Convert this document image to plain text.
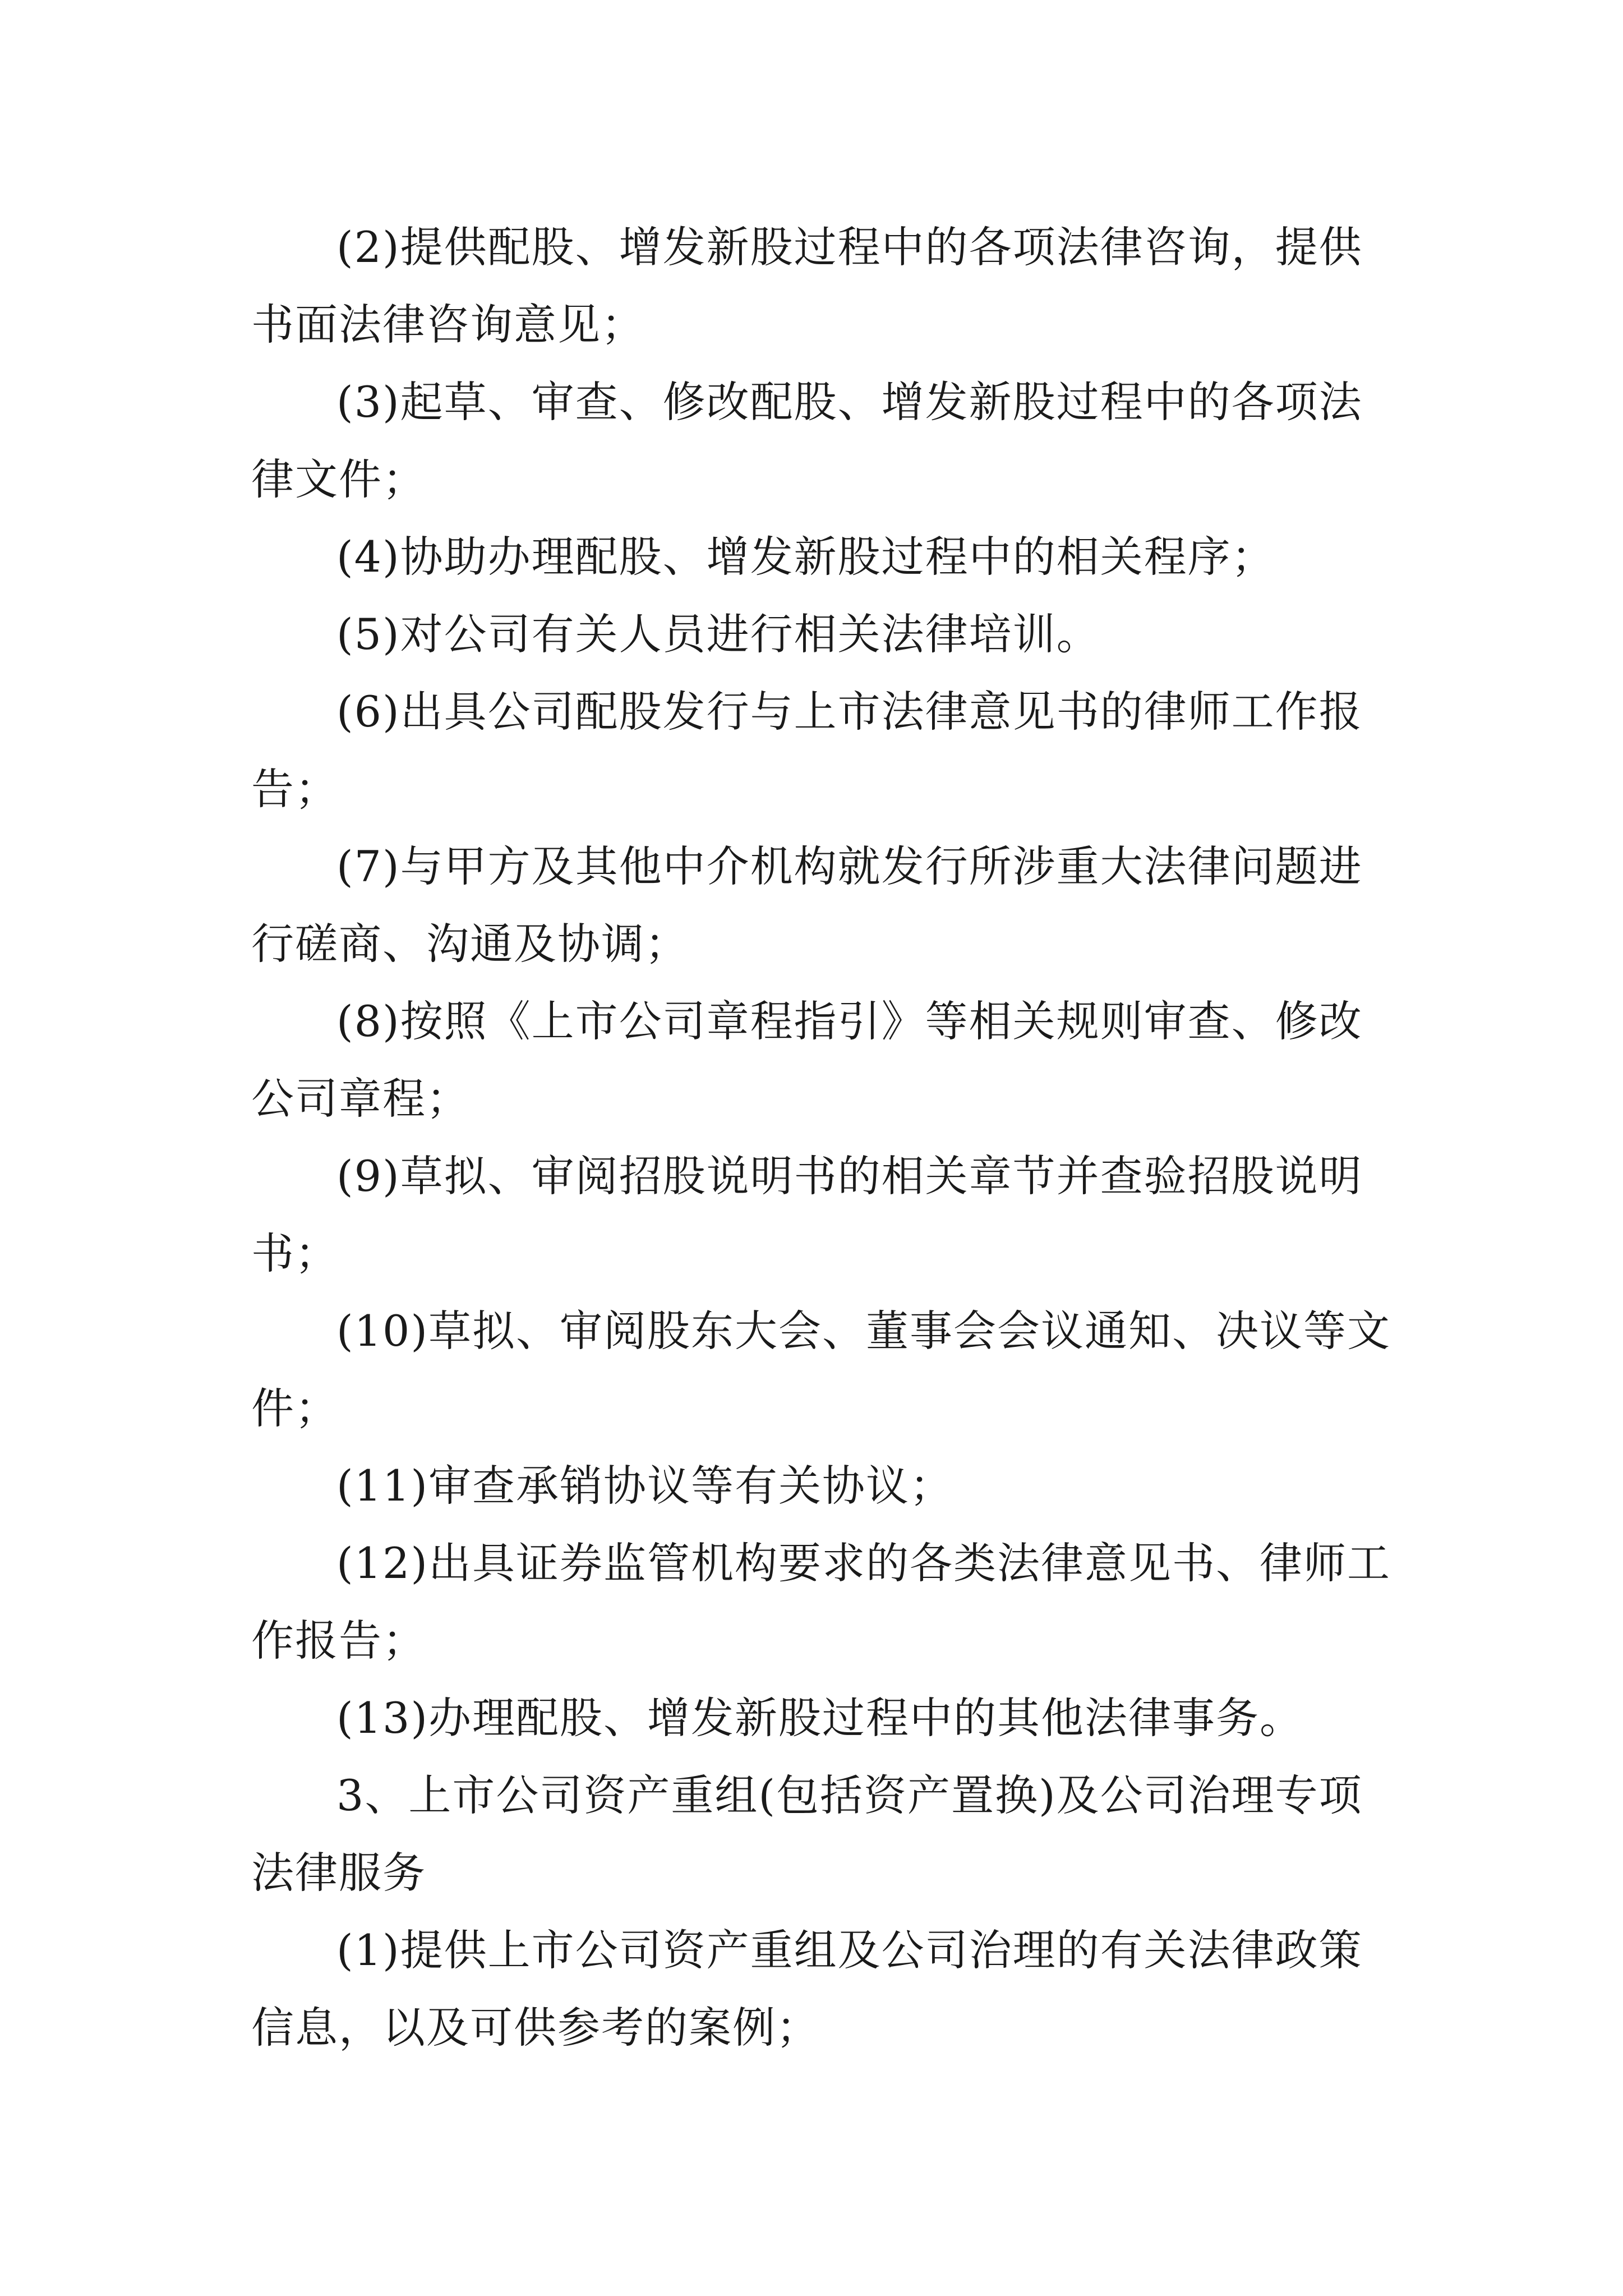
(2)提供配股、增发新股过程中的各项法律咨询，提供
书面法律咨询意见；

(3)起草、审查、修改配股、增发新股过程中的各项法
律文件；

(4)协助办理配股、增发新股过程中的相关程序；

(5)对公司有关人员进行相关法律培训。

(6)出具公司配股发行与上市法律意见书的律师工作报
告；

(7)与甲方及其他中介机构就发行所涉重大法律问题进
行磋商、沟通及协调；

(8)按照《上市公司章程指引》等相关规则审查、修改
公司章程；

(9)草拟、审阅招股说明书的相关章节并查验招股说明
书；

(10)草拟、审阅股东大会、董事会会议通知、决议等文
件；

(11)审查承销协议等有关协议；

(12)出具证券监管机构要求的各类法律意见书、律师工
作报告；

(13)办理配股、增发新股过程中的其他法律事务。

3、上市公司资产重组(包括资产置换)及公司治理专项
法律服务

(1)提供上市公司资产重组及公司治理的有关法律政策
信息，以及可供参考的案例；
